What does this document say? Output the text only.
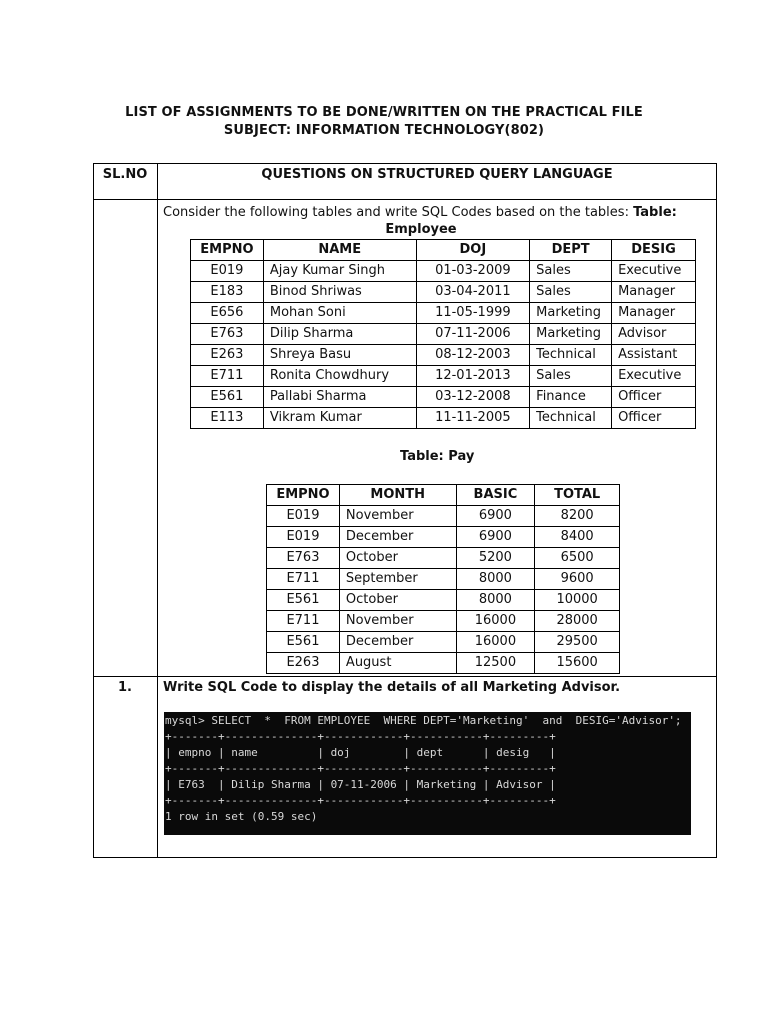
LIST OF ASSIGNMENTS TO BE DONE/WRITTEN ON THE PRACTICAL FILE
SUBJECT: INFORMATION TECHNOLOGY(802)
SL.NO	QUESTIONS ON STRUCTURED QUERY LANGUAGE
Consider the following tables and write SQL Codes based on the tables: Table:
Employee
EMPNO	NAME	DOJ	DEPT	DESIG
E019	Ajay Kumar Singh	01-03-2009	Sales	Executive
E183	Binod Shriwas	03-04-2011	Sales	Manager
E656	Mohan Soni	11-05-1999	Marketing	Manager
E763	Dilip Sharma	07-11-2006	Marketing	Advisor
E263	Shreya Basu	08-12-2003	Technical	Assistant
E711	Ronita Chowdhury	12-01-2013	Sales	Executive
E561	Pallabi Sharma	03-12-2008	Finance	Officer
E113	Vikram Kumar	11-11-2005	Technical	Officer
Table: Pay
EMPNO	MONTH	BASIC	TOTAL
E019	November	6900	8200
E019	December	6900	8400
E763	October	5200	6500
E711	September	8000	9600
E561	October	8000	10000
E711	November	16000	28000
E561	December	16000	29500
E263	August	12500	15600
1.	Write SQL Code to display the details of all Marketing Advisor.
mysql> SELECT  *  FROM EMPLOYEE  WHERE DEPT='Marketing'  and  DESIG='Advisor';
+-------+--------------+------------+-----------+---------+
| empno | name         | doj        | dept      | desig   |
+-------+--------------+------------+-----------+---------+
| E763  | Dilip Sharma | 07-11-2006 | Marketing | Advisor |
+-------+--------------+------------+-----------+---------+
1 row in set (0.59 sec)
